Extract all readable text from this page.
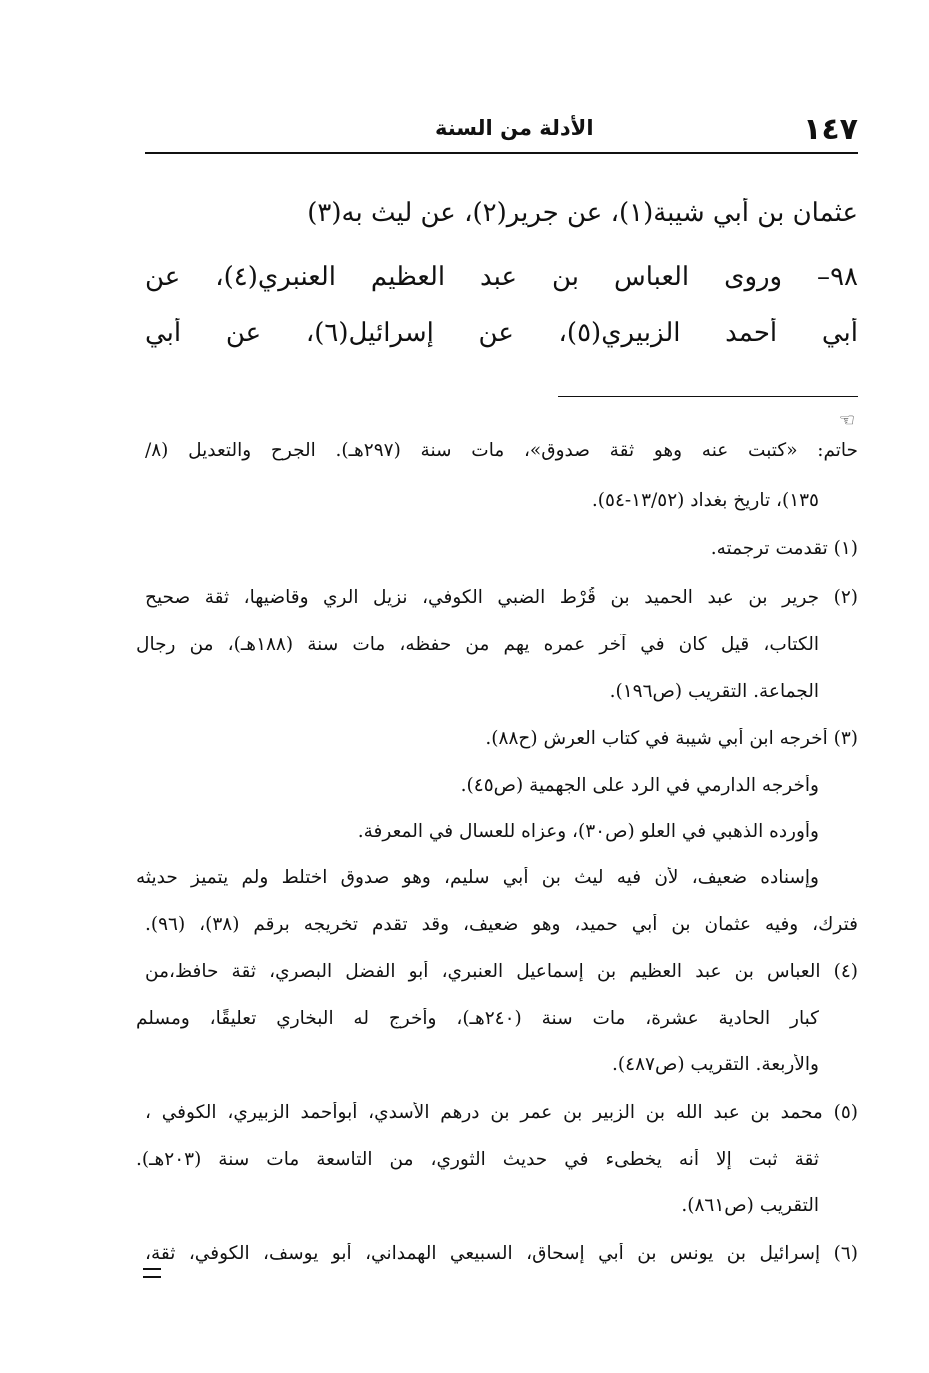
١٤٧
الأدلة من السنة
عثمان بن أبي شيبة(١)، عن جرير(٢)، عن ليث به(٣)
٩٨– وروى العباس بن عبد العظيم العنبري(٤)، عن
أبي أحمد الزبيري(٥)، عن إسرائيل(٦)، عن أبي
☜
حاتم: «كتبت عنه وهو ثقة صدوق»، مات سنة (٢٩٧هـ). الجرح والتعديل (٨/
١٣٥)، تاريخ بغداد (١٣/٥٢-٥٤).
(١) تقدمت ترجمته.
(٢) جرير بن عبد الحميد بن قُرْط الضبي الكوفي، نزيل الري وقاضيها، ثقة صحيح
الكتاب، قيل كان في آخر عمره يهم من حفظه، مات سنة (١٨٨هـ)، من رجال
الجماعة. التقريب (ص١٩٦).
(٣) أخرجه ابن أبي شيبة في كتاب العرش (ح٨٨).
وأخرجه الدارمي في الرد على الجهمية (ص٤٥).
وأورده الذهبي في العلو (ص٣٠)، وعزاه للعسال في المعرفة.
وإسناده ضعيف، لأن فيه ليث بن أبي سليم، وهو صدوق اختلط ولم يتميز حديثه
فترك، وفيه عثمان بن أبي حميد، وهو ضعيف، وقد تقدم تخريجه برقم (٣٨)، (٩٦).
(٤) العباس بن عبد العظيم بن إسماعيل العنبري، أبو الفضل البصري، ثقة حافظ،من
كبار الحادية عشرة، مات سنة (٢٤٠هـ)، وأخرج له البخاري تعليقًا، ومسلم
والأربعة. التقريب (ص٤٨٧).
(٥) محمد بن عبد الله بن الزبير بن عمر بن درهم الأسدي، أبوأحمد الزبيري، الكوفي ،
ثقة ثبت إلا أنه يخطىء في حديث الثوري، من التاسعة مات سنة (٢٠٣هـ).
التقريب (ص٨٦١).
(٦) إسرائيل بن يونس بن أبي إسحاق، السبيعي الهمداني، أبو يوسف، الكوفي، ثقة،
